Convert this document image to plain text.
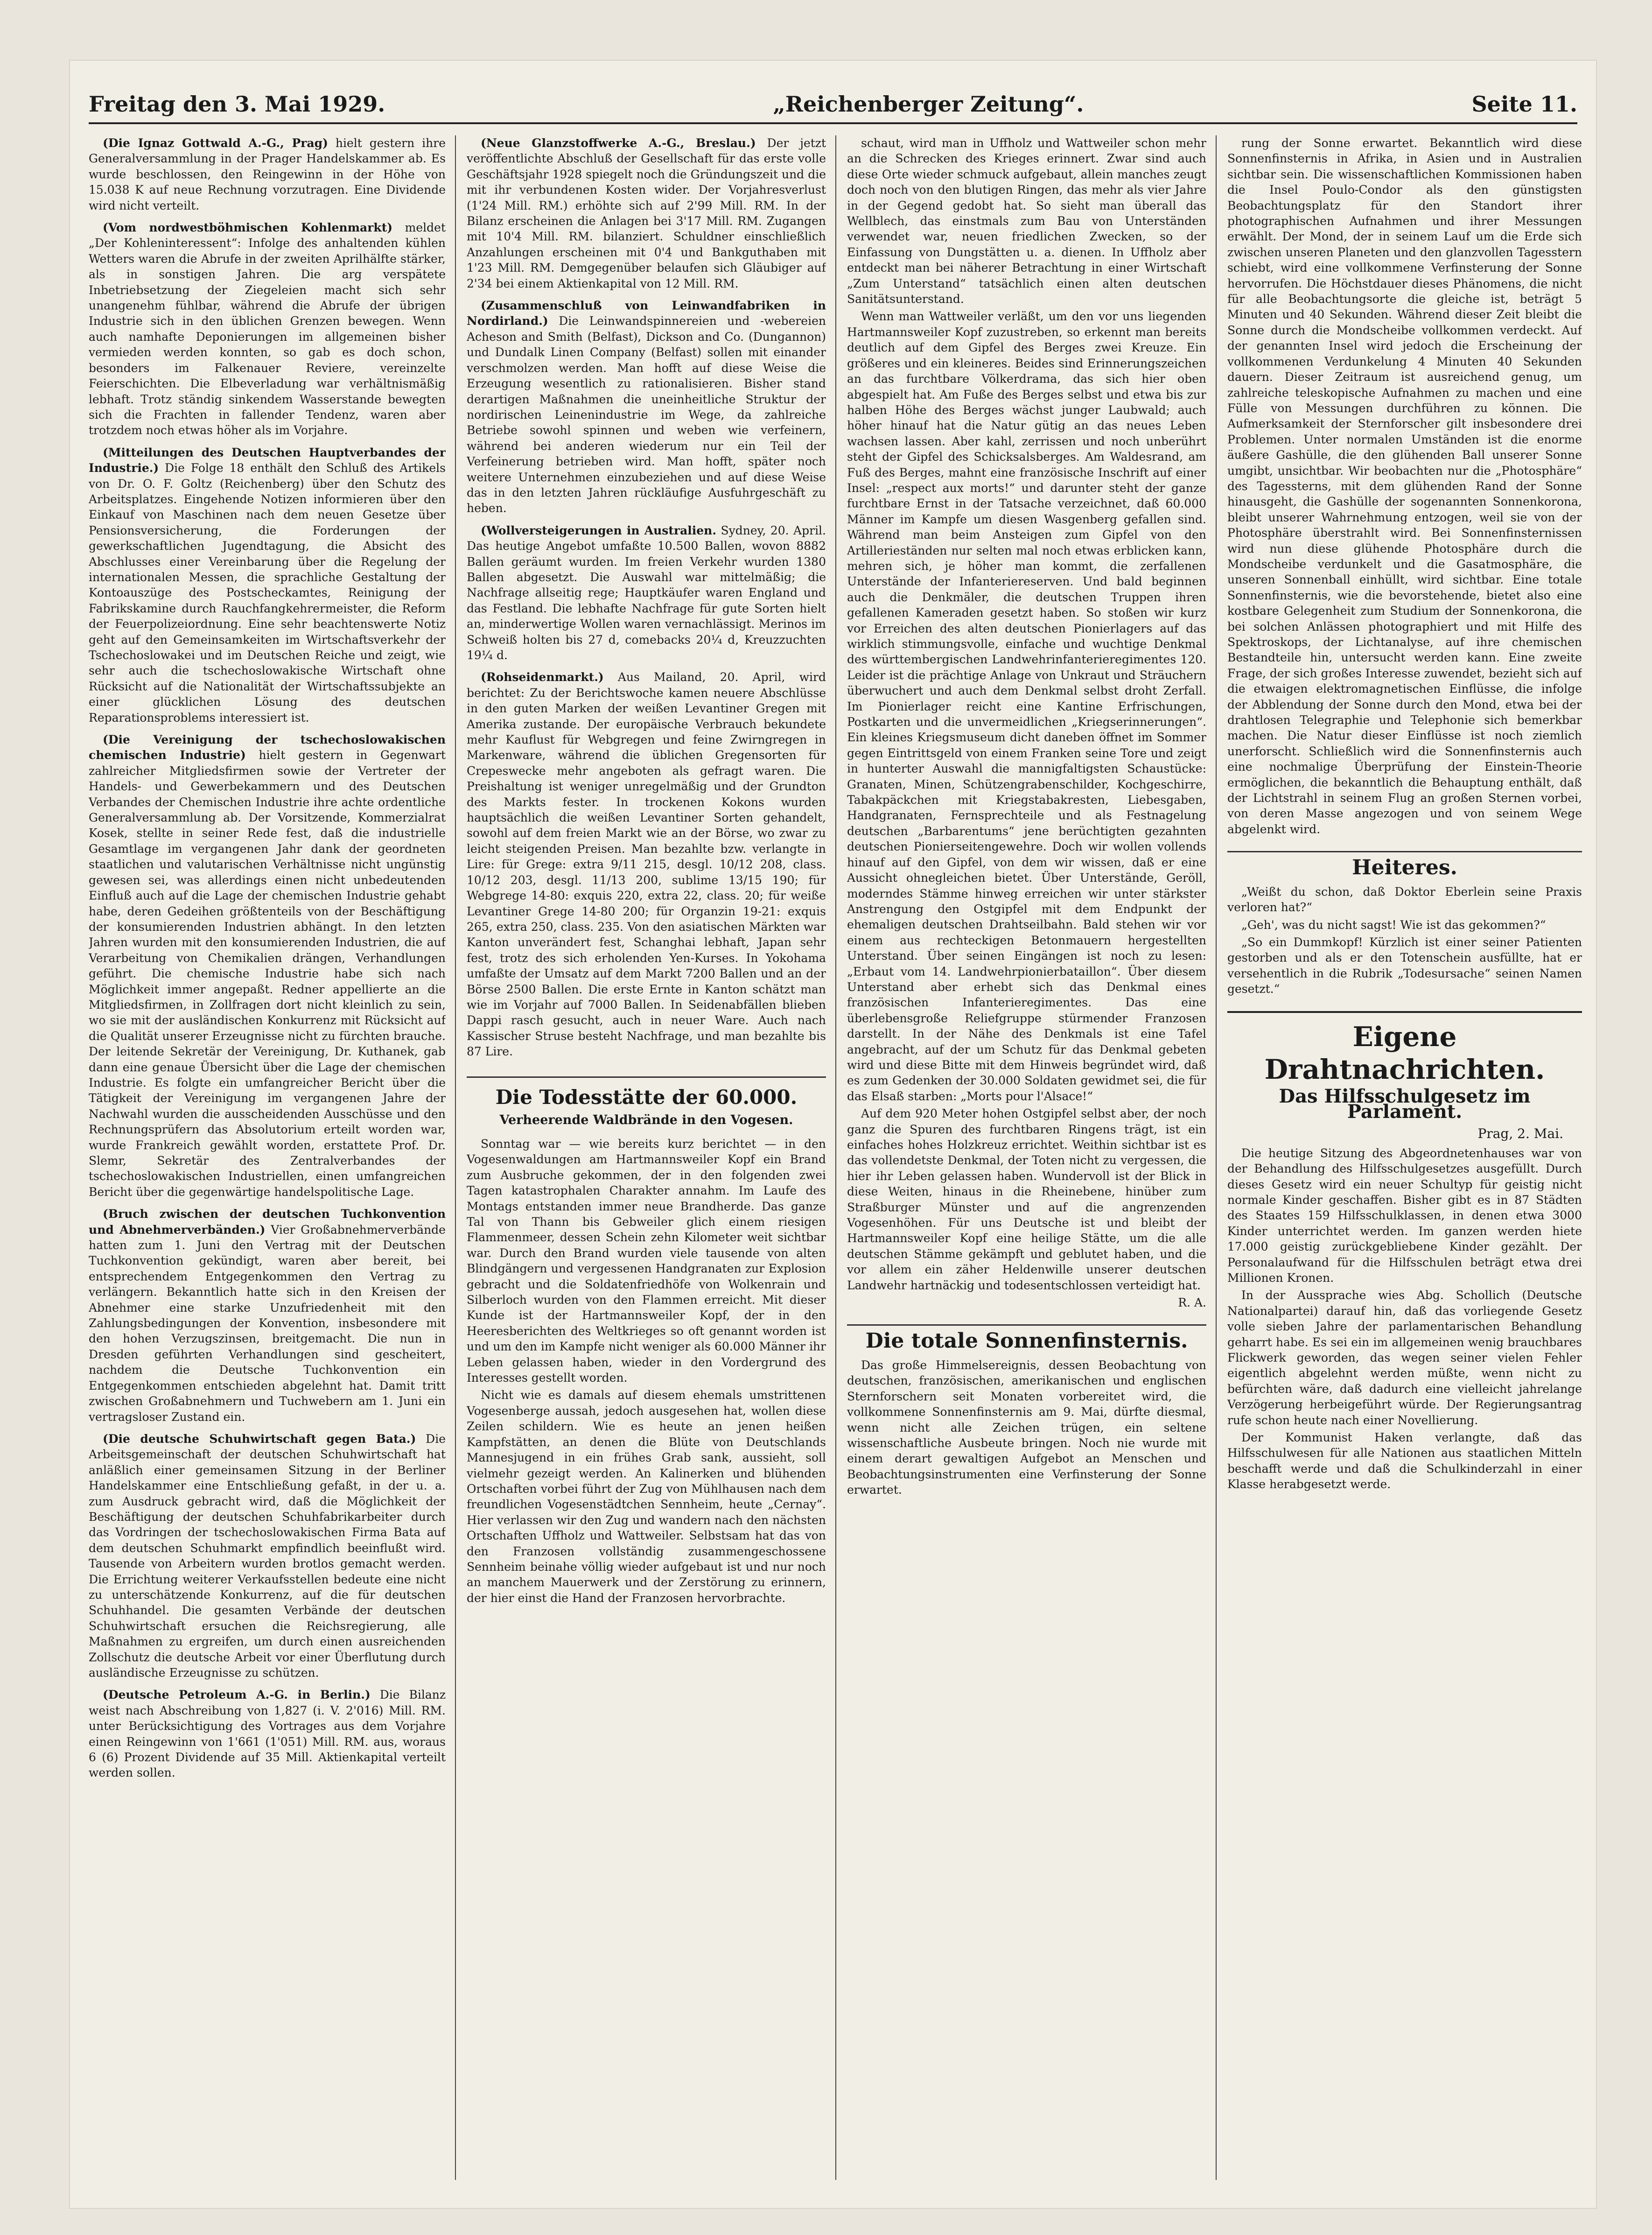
Freitag den 3. Mai 1929.	„Reichenberger Zeitung“.	Seite 11.

(Die Ignaz Gottwald A.-G., Prag) hielt gestern ihre Generalversammlung in der Prager Handelskammer ab. Es wurde beschlossen, den Reingewinn in der Höhe von 15.038 K auf neue Rechnung vorzutragen. Eine Dividende wird nicht verteilt.

(Vom nordwestböhmischen Kohlenmarkt) meldet „Der Kohleninteressent“: Infolge des anhaltenden kühlen Wetters waren die Abrufe in der zweiten Aprilhälfte stärker, als in sonstigen Jahren. Die arg verspätete Inbetriebsetzung der Ziegeleien macht sich sehr unangenehm fühlbar, während die Abrufe der übrigen Industrie sich in den üblichen Grenzen bewegen. Wenn auch namhafte Deponierungen im allgemeinen bisher vermieden werden konnten, so gab es doch schon, besonders im Falkenauer Reviere, vereinzelte Feierschichten. Die Elbeverladung war verhältnismäßig lebhaft. Trotz ständig sinkendem Wasserstande bewegten sich die Frachten in fallender Tendenz, waren aber trotzdem noch etwas höher als im Vorjahre.

(Mitteilungen des Deutschen Hauptverbandes der Industrie.) Die Folge 18 enthält den Schluß des Artikels von Dr. O. F. Goltz (Reichenberg) über den Schutz des Arbeitsplatzes. Eingehende Notizen informieren über den Einkauf von Maschinen nach dem neuen Gesetze über Pensionsversicherung, die Forderungen der gewerkschaftlichen Jugendtagung, die Absicht des Abschlusses einer Vereinbarung über die Regelung der internationalen Messen, die sprachliche Gestaltung der Kontoauszüge des Postscheckamtes, Reinigung der Fabrikskamine durch Rauchfangkehrermeister, die Reform der Feuerpolizeiordnung. Eine sehr beachtenswerte Notiz geht auf den Gemeinsamkeiten im Wirtschaftsverkehr der Tschechoslowakei und im Deutschen Reiche und zeigt, wie sehr auch die tschechoslowakische Wirtschaft ohne Rücksicht auf die Nationalität der Wirtschaftssubjekte an einer glücklichen Lösung des deutschen Reparationsproblems interessiert ist.

(Die Vereinigung der tschechoslowakischen chemischen Industrie) hielt gestern in Gegenwart zahlreicher Mitgliedsfirmen sowie der Vertreter der Handels- und Gewerbekammern und des Deutschen Verbandes der Chemischen Industrie ihre achte ordentliche Generalversammlung ab. Der Vorsitzende, Kommerzialrat Kosek, stellte in seiner Rede fest, daß die industrielle Gesamtlage im vergangenen Jahr dank der geordneten staatlichen und valutarischen Verhältnisse nicht ungünstig gewesen sei, was allerdings einen nicht unbedeutenden Einfluß auch auf die Lage der chemischen Industrie gehabt habe, deren Gedeihen größtenteils von der Beschäftigung der konsumierenden Industrien abhängt. In den letzten Jahren wurden mit den konsumierenden Industrien, die auf Verarbeitung von Chemikalien drängen, Verhandlungen geführt. Die chemische Industrie habe sich nach Möglichkeit immer angepaßt. Redner appellierte an die Mitgliedsfirmen, in Zollfragen dort nicht kleinlich zu sein, wo sie mit der ausländischen Konkurrenz mit Rücksicht auf die Qualität unserer Erzeugnisse nicht zu fürchten brauche. Der leitende Sekretär der Vereinigung, Dr. Kuthanek, gab dann eine genaue Übersicht über die Lage der chemischen Industrie. Es folgte ein umfangreicher Bericht über die Tätigkeit der Vereinigung im vergangenen Jahre der Nachwahl wurden die ausscheidenden Ausschüsse und den Rechnungsprüfern das Absolutorium erteilt worden war, wurde Frankreich gewählt worden, erstattete Prof. Dr. Slemr, Sekretär des Zentralverbandes der tschechoslowakischen Industriellen, einen umfangreichen Bericht über die gegenwärtige handelspolitische Lage.

(Bruch zwischen der deutschen Tuchkonvention und Abnehmerverbänden.) Vier Großabnehmerverbände hatten zum 1. Juni den Vertrag mit der Deutschen Tuchkonvention gekündigt, waren aber bereit, bei entsprechendem Entgegenkommen den Vertrag zu verlängern. Bekanntlich hatte sich in den Kreisen der Abnehmer eine starke Unzufriedenheit mit den Zahlungsbedingungen der Konvention, insbesondere mit den hohen Verzugszinsen, breitgemacht. Die nun in Dresden geführten Verhandlungen sind gescheitert, nachdem die Deutsche Tuchkonvention ein Entgegenkommen entschieden abgelehnt hat. Damit tritt zwischen Großabnehmern und Tuchwebern am 1. Juni ein vertragsloser Zustand ein.

(Die deutsche Schuhwirtschaft gegen Bata.) Die Arbeitsgemeinschaft der deutschen Schuhwirtschaft hat anläßlich einer gemeinsamen Sitzung in der Berliner Handelskammer eine Entschließung gefaßt, in der u. a. zum Ausdruck gebracht wird, daß die Möglichkeit der Beschäftigung der deutschen Schuhfabrikarbeiter durch das Vordringen der tschechoslowakischen Firma Bata auf dem deutschen Schuhmarkt empfindlich beeinflußt wird. Tausende von Arbeitern wurden brotlos gemacht werden. Die Errichtung weiterer Verkaufsstellen bedeute eine nicht zu unterschätzende Konkurrenz, auf die für deutschen Schuhhandel. Die gesamten Verbände der deutschen Schuhwirtschaft ersuchen die Reichsregierung, alle Maßnahmen zu ergreifen, um durch einen ausreichenden Zollschutz die deutsche Arbeit vor einer Überflutung durch ausländische Erzeugnisse zu schützen.

(Deutsche Petroleum A.-G. in Berlin.) Die Bilanz weist nach Abschreibung von 1,827 (i. V. 2'016) Mill. RM. unter Berücksichtigung des Vortrages aus dem Vorjahre einen Reingewinn von 1'661 (1'051) Mill. RM. aus, woraus 6 (6) Prozent Dividende auf 35 Mill. Aktienkapital verteilt werden sollen.

(Neue Glanzstoffwerke A.-G., Breslau.) Der jetzt veröffentlichte Abschluß der Gesellschaft für das erste volle Geschäftsjahr 1928 spiegelt noch die Gründungszeit und die mit ihr verbundenen Kosten wider. Der Vorjahresverlust (1'24 Mill. RM.) erhöhte sich auf 2'99 Mill. RM. In der Bilanz erscheinen die Anlagen bei 3'17 Mill. RM. Zugangen mit 10'4 Mill. RM. bilanziert. Schuldner einschließlich Anzahlungen erscheinen mit 0'4 und Bankguthaben mit 1'23 Mill. RM. Demgegenüber belaufen sich Gläubiger auf 2'34 bei einem Aktienkapital von 12 Mill. RM.

(Zusammenschluß von Leinwandfabriken in Nordirland.) Die Leinwandspinnereien und -webereien Acheson and Smith (Belfast), Dickson and Co. (Dungannon) und Dundalk Linen Company (Belfast) sollen mit einander verschmolzen werden. Man hofft auf diese Weise die Erzeugung wesentlich zu rationalisieren. Bisher stand derartigen Maßnahmen die uneinheitliche Struktur der nordirischen Leinenindustrie im Wege, da zahlreiche Betriebe sowohl spinnen und weben wie verfeinern, während bei anderen wiederum nur ein Teil der Verfeinerung betrieben wird. Man hofft, später noch weitere Unternehmen einzubeziehen und auf diese Weise das in den letzten Jahren rückläufige Ausfuhrgeschäft zu heben.

(Wollversteigerungen in Australien. Sydney, 20. April. Das heutige Angebot umfaßte 10.500 Ballen, wovon 8882 Ballen geräumt wurden. Im freien Verkehr wurden 1380 Ballen abgesetzt. Die Auswahl war mittelmäßig; die Nachfrage allseitig rege; Hauptkäufer waren England und das Festland. Die lebhafte Nachfrage für gute Sorten hielt an, minderwertige Wollen waren vernachlässigt. Merinos im Schweiß holten bis 27 d, comebacks 20¼ d, Kreuzzuchten 19¼ d.

(Rohseidenmarkt.) Aus Mailand, 20. April, wird berichtet: Zu der Berichtswoche kamen neuere Abschlüsse in den guten Marken der weißen Levantiner Gregen mit Amerika zustande. Der europäische Verbrauch bekundete mehr Kauflust für Webgregen und feine Zwirngregen in Markenware, während die üblichen Gregensorten für Crepeswecke mehr angeboten als gefragt waren. Die Preishaltung ist weniger unregelmäßig und der Grundton des Markts fester. In trockenen Kokons wurden hauptsächlich die weißen Levantiner Sorten gehandelt, sowohl auf dem freien Markt wie an der Börse, wo zwar zu leicht steigenden Preisen. Man bezahlte bzw. verlangte in Lire: für Grege: extra 9/11 215, desgl. 10/12 208, class. 10/12 203, desgl. 11/13 200, sublime 13/15 190; für Webgrege 14-80: exquis 220, extra 22, class. 20; für weiße Levantiner Grege 14-80 200; für Organzin 19-21: exquis 265, extra 250, class. 235. Von den asiatischen Märkten war Kanton unverändert fest, Schanghai lebhaft, Japan sehr fest, trotz des sich erholenden Yen-Kurses. In Yokohama umfaßte der Umsatz auf dem Markt 7200 Ballen und an der Börse 2500 Ballen. Die erste Ernte in Kanton schätzt man wie im Vorjahr auf 7000 Ballen. In Seidenabfällen blieben Dappi rasch gesucht, auch in neuer Ware. Auch nach Kassischer Struse besteht Nachfrage, und man bezahlte bis 87 Lire.

Die Todesstätte der 60.000.
Verheerende Waldbrände in den Vogesen.

Sonntag war — wie bereits kurz berichtet — in den Vogesenwaldungen am Hartmannsweiler Kopf ein Brand zum Ausbruche gekommen, der in den folgenden zwei Tagen katastrophalen Charakter annahm. Im Laufe des Montags entstanden immer neue Brandherde. Das ganze Tal von Thann bis Gebweiler glich einem riesigen Flammenmeer, dessen Schein zehn Kilometer weit sichtbar war. Durch den Brand wurden viele tausende von alten Blindgängern und vergessenen Handgranaten zur Explosion gebracht und die Soldatenfriedhöfe von Wolkenrain und Silberloch wurden von den Flammen erreicht. Mit dieser Kunde ist der Hartmannsweiler Kopf, der in den Heeresberichten des Weltkrieges so oft genannt worden ist und um den im Kampfe nicht weniger als 60.000 Männer ihr Leben gelassen haben, wieder in den Vordergrund des Interesses gestellt worden.

Nicht wie es damals auf diesem ehemals umstrittenen Vogesenberge aussah, jedoch ausgesehen hat, wollen diese Zeilen schildern. Wie es heute an jenen heißen Kampfstätten, an denen die Blüte von Deutschlands Mannesjugend in ein frühes Grab sank, aussieht, soll vielmehr gezeigt werden. An Kalinerken und blühenden Ortschaften vorbei führt der Zug von Mühlhausen nach dem freundlichen Vogesenstädtchen Sennheim, heute „Cernay“. Hier verlassen wir den Zug und wandern nach den nächsten Ortschaften Uffholz und Wattweiler. Selbstsam hat das von den Franzosen vollständig zusammengeschossene Sennheim beinahe völlig wieder aufgebaut ist und nur noch an manchem Mauerwerk und der Zerstörung zu erinnern, der hier einst die Hand der Franzosen hervorbrachte.

schaut, wird man in Uffholz und Wattweiler schon mehr an die Schrecken des Krieges erinnert. Zwar sind auch diese Orte wieder schmuck aufgebaut, allein manches zeugt doch noch von den blutigen Ringen, das mehr als vier Jahre in der Gegend gedobt hat. So sieht man überall das Wellblech, das einstmals zum Bau von Unterständen verwendet war, neuen friedlichen Zwecken, so der Einfassung von Dungstätten u. a. dienen. In Uffholz aber entdeckt man bei näherer Betrachtung in einer Wirtschaft „Zum Unterstand“ tatsächlich einen alten deutschen Sanitätsunterstand.

Wenn man Wattweiler verläßt, um den vor uns liegenden Hartmannsweiler Kopf zuzustreben, so erkennt man bereits deutlich auf dem Gipfel des Berges zwei Kreuze. Ein größeres und ein kleineres. Beides sind Erinnerungszeichen an das furchtbare Völkerdrama, das sich hier oben abgespielt hat. Am Fuße des Berges selbst und etwa bis zur halben Höhe des Berges wächst junger Laubwald; auch höher hinauf hat die Natur gütig an das neues Leben wachsen lassen. Aber kahl, zerrissen und noch unberührt steht der Gipfel des Schicksalsberges. Am Waldesrand, am Fuß des Berges, mahnt eine französische Inschrift auf einer Insel: „respect aux morts!“ und darunter steht der ganze furchtbare Ernst in der Tatsache verzeichnet, daß 60.000 Männer im Kampfe um diesen Wasgenberg gefallen sind. Während man beim Ansteigen zum Gipfel von den Artillerieständen nur selten mal noch etwas erblicken kann, mehren sich, je höher man kommt, die zerfallenen Unterstände der Infanteriereserven. Und bald beginnen auch die Denkmäler, die deutschen Truppen ihren gefallenen Kameraden gesetzt haben. So stoßen wir kurz vor Erreichen des alten deutschen Pionierlagers auf das wirklich stimmungsvolle, einfache und wuchtige Denkmal des württembergischen Landwehrinfanterieregimentes 120. Leider ist die prächtige Anlage von Unkraut und Sträuchern überwuchert und auch dem Denkmal selbst droht Zerfall. Im Pionierlager reicht eine Kantine Erfrischungen, Postkarten und die unvermeidlichen „Kriegserinnerungen“. Ein kleines Kriegsmuseum dicht daneben öffnet im Sommer gegen Eintrittsgeld von einem Franken seine Tore und zeigt in hunterter Auswahl die mannigfaltigsten Schaustücke: Granaten, Minen, Schützengrabenschilder, Kochgeschirre, Tabakpäckchen mit Kriegstabakresten, Liebesgaben, Handgranaten, Fernsprechteile und als Festnagelung deutschen „Barbarentums“ jene berüchtigten gezahnten deutschen Pionierseitengewehre. Doch wir wollen vollends hinauf auf den Gipfel, von dem wir wissen, daß er eine Aussicht ohnegleichen bietet. Über Unterstände, Geröll, moderndes Stämme hinweg erreichen wir unter stärkster Anstrengung den Ostgipfel mit dem Endpunkt der ehemaligen deutschen Drahtseilbahn. Bald stehen wir vor einem aus rechteckigen Betonmauern hergestellten Unterstand. Über seinen Eingängen ist noch zu lesen: „Erbaut vom 14. Landwehrpionierbataillon“. Über diesem Unterstand aber erhebt sich das Denkmal eines französischen Infanterieregimentes. Das eine überlebensgroße Reliefgruppe stürmender Franzosen darstellt. In der Nähe des Denkmals ist eine Tafel angebracht, auf der um Schutz für das Denkmal gebeten wird und diese Bitte mit dem Hinweis begründet wird, daß es zum Gedenken der 30.000 Soldaten gewidmet sei, die für das Elsaß starben: „Morts pour l'Alsace!“

Auf dem 920 Meter hohen Ostgipfel selbst aber, der noch ganz die Spuren des furchtbaren Ringens trägt, ist ein einfaches hohes Holzkreuz errichtet. Weithin sichtbar ist es das vollendetste Denkmal, der Toten nicht zu vergessen, die hier ihr Leben gelassen haben. Wundervoll ist der Blick in diese Weiten, hinaus in die Rheinebene, hinüber zum Straßburger Münster und auf die angrenzenden Vogesenhöhen. Für uns Deutsche ist und bleibt der Hartmannsweiler Kopf eine heilige Stätte, um die alle deutschen Stämme gekämpft und geblutet haben, und die vor allem ein zäher Heldenwille unserer deutschen Landwehr hartnäckig und todesentschlossen verteidigt hat.

R. A.
Die totale Sonnenfinsternis.

Das große Himmelsereignis, dessen Beobachtung von deutschen, französischen, amerikanischen und englischen Sternforschern seit Monaten vorbereitet wird, die vollkommene Sonnenfinsternis am 9. Mai, dürfte diesmal, wenn nicht alle Zeichen trügen, ein seltene wissenschaftliche Ausbeute bringen. Noch nie wurde mit einem derart gewaltigen Aufgebot an Menschen und Beobachtungsinstrumenten eine Verfinsterung der Sonne erwartet.

rung der Sonne erwartet. Bekanntlich wird diese Sonnenfinsternis in Afrika, in Asien und in Australien sichtbar sein. Die wissenschaftlichen Kommissionen haben die Insel Poulo-Condor als den günstigsten Beobachtungsplatz für den Standort ihrer photographischen Aufnahmen und ihrer Messungen erwählt. Der Mond, der in seinem Lauf um die Erde sich zwischen unseren Planeten und den glanzvollen Tagesstern schiebt, wird eine vollkommene Verfinsterung der Sonne hervorrufen. Die Höchstdauer dieses Phänomens, die nicht für alle Beobachtungsorte die gleiche ist, beträgt 5 Minuten und 40 Sekunden. Während dieser Zeit bleibt die Sonne durch die Mondscheibe vollkommen verdeckt. Auf der genannten Insel wird jedoch die Erscheinung der vollkommenen Verdunkelung 4 Minuten 40 Sekunden dauern. Dieser Zeitraum ist ausreichend genug, um zahlreiche teleskopische Aufnahmen zu machen und eine Fülle von Messungen durchführen zu können. Die Aufmerksamkeit der Sternforscher gilt insbesondere drei Problemen. Unter normalen Umständen ist die enorme äußere Gashülle, die den glühenden Ball unserer Sonne umgibt, unsichtbar. Wir beobachten nur die „Photosphäre“ des Tagessterns, mit dem glühenden Rand der Sonne hinausgeht, die Gashülle der sogenannten Sonnenkorona, bleibt unserer Wahrnehmung entzogen, weil sie von der Photosphäre überstrahlt wird. Bei Sonnenfinsternissen wird nun diese glühende Photosphäre durch die Mondscheibe verdunkelt und die Gasatmosphäre, die unseren Sonnenball einhüllt, wird sichtbar. Eine totale Sonnenfinsternis, wie die bevorstehende, bietet also eine kostbare Gelegenheit zum Studium der Sonnenkorona, die bei solchen Anlässen photographiert und mit Hilfe des Spektroskops, der Lichtanalyse, auf ihre chemischen Bestandteile hin, untersucht werden kann. Eine zweite Frage, der sich großes Interesse zuwendet, bezieht sich auf die etwaigen elektromagnetischen Einflüsse, die infolge der Abblendung der Sonne durch den Mond, etwa bei der drahtlosen Telegraphie und Telephonie sich bemerkbar machen. Die Natur dieser Einflüsse ist noch ziemlich unerforscht. Schließlich wird die Sonnenfinsternis auch eine nochmalige Überprüfung der Einstein-Theorie ermöglichen, die bekanntlich die Behauptung enthält, daß der Lichtstrahl in seinem Flug an großen Sternen vorbei, von deren Masse angezogen und von seinem Wege abgelenkt wird.

Heiteres.

„Weißt du schon, daß Doktor Eberlein seine Praxis verloren hat?“

„Geh', was du nicht sagst! Wie ist das gekommen?“

„So ein Dummkopf! Kürzlich ist einer seiner Patienten gestorben und als er den Totenschein ausfüllte, hat er versehentlich in die Rubrik „Todesursache“ seinen Namen gesetzt.“

Eigene Drahtnachrichten.
Das Hilfsschulgesetz im Parlament.
Prag, 2. Mai.

Die heutige Sitzung des Abgeordnetenhauses war von der Behandlung des Hilfsschulgesetzes ausgefüllt. Durch dieses Gesetz wird ein neuer Schultyp für geistig nicht normale Kinder geschaffen. Bisher gibt es in 87 Städten des Staates 159 Hilfsschulklassen, in denen etwa 3000 Kinder unterrichtet werden. Im ganzen werden hiete 17.000 geistig zurückgebliebene Kinder gezählt. Der Personalaufwand für die Hilfsschulen beträgt etwa drei Millionen Kronen.

In der Aussprache wies Abg. Schollich (Deutsche Nationalpartei) darauf hin, daß das vorliegende Gesetz volle sieben Jahre der parlamentarischen Behandlung geharrt habe. Es sei ein im allgemeinen wenig brauchbares Flickwerk geworden, das wegen seiner vielen Fehler eigentlich abgelehnt werden müßte, wenn nicht zu befürchten wäre, daß dadurch eine vielleicht jahrelange Verzögerung herbeigeführt würde. Der Regierungsantrag rufe schon heute nach einer Novellierung.

Der Kommunist Haken verlangte, daß das Hilfsschulwesen für alle Nationen aus staatlichen Mitteln beschafft werde und daß die Schulkinderzahl in einer Klasse herabgesetzt werde.
